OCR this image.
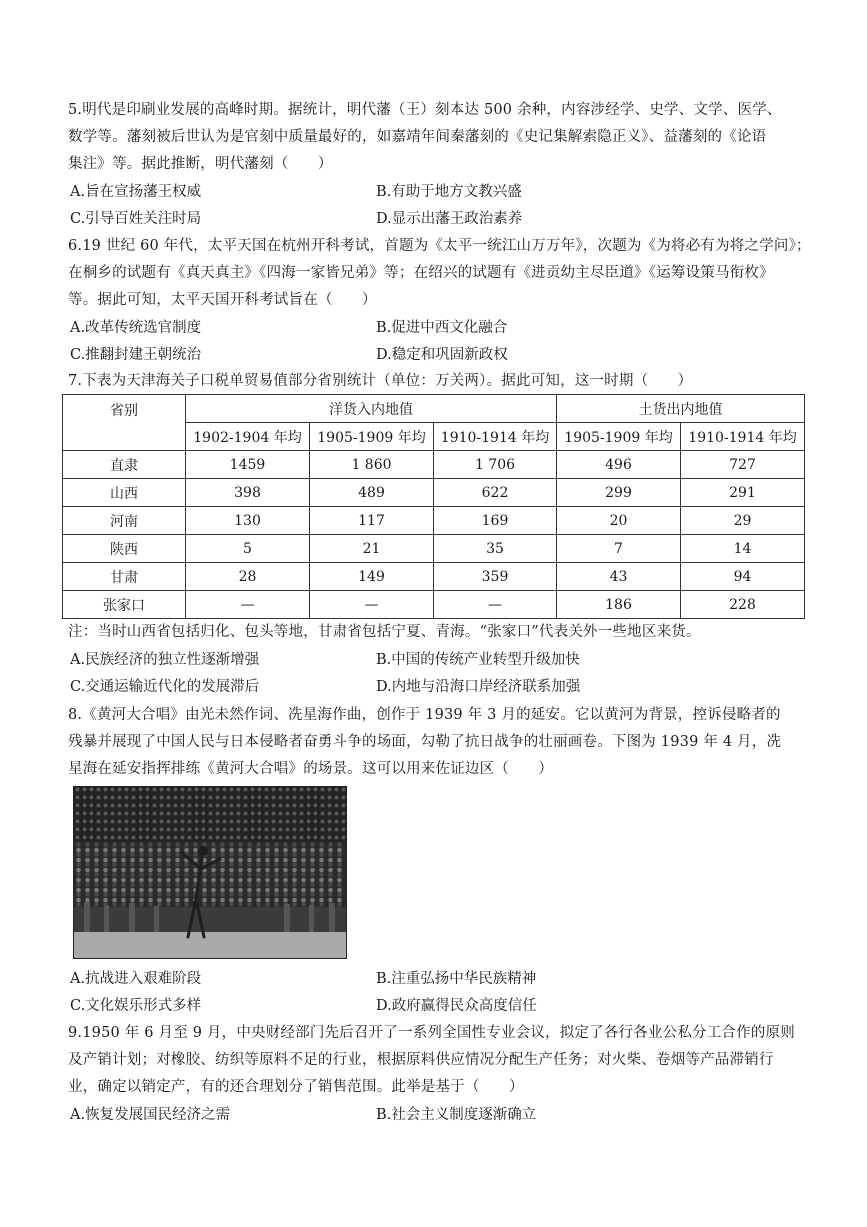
5.明代是印刷业发展的高峰时期。据统计，明代藩（王）刻本达 500 余种，内容涉经学、史学、文学、医学、
数学等。藩刻被后世认为是官刻中质量最好的，如嘉靖年间秦藩刻的《史记集解索隐正义》、益藩刻的《论语
集注》等。据此推断，明代藩刻（　　）
A.旨在宣扬藩王权威	B.有助于地方文教兴盛
C.引导百姓关注时局	D.显示出藩王政治素养
6.19 世纪 60 年代，太平天国在杭州开科考试，首题为《太平一统江山万万年》，次题为《为将必有为将之学问》；
在桐乡的试题有《真天真主》《四海一家皆兄弟》等；在绍兴的试题有《进贡幼主尽臣道》《运筹设策马衔枚》
等。据此可知，太平天国开科考试旨在（　　）
A.改革传统选官制度	B.促进中西文化融合
C.推翻封建王朝统治	D.稳定和巩固新政权
7.下表为天津海关子口税单贸易值部分省别统计（单位：万关两）。据此可知，这一时期（　　）
省别	洋货入内地值			土货出内地值	
	1902-1904 年均	1905-1909 年均	1910-1914 年均	1905-1909 年均	1910-1914 年均
直隶	1459	1 860	1 706	496	727
山西	398	489	622	299	291
河南	130	117	169	20	29
陕西	5	21	35	7	14
甘肃	28	149	359	43	94
张家口	—	—	—	186	228
注：当时山西省包括归化、包头等地，甘肃省包括宁夏、青海。“张家口”代表关外一些地区来货。
A.民族经济的独立性逐渐增强	B.中国的传统产业转型升级加快
C.交通运输近代化的发展滞后	D.内地与沿海口岸经济联系加强
8.《黄河大合唱》由光未然作词、冼星海作曲，创作于 1939 年 3 月的延安。它以黄河为背景，控诉侵略者的
残暴并展现了中国人民与日本侵略者奋勇斗争的场面，勾勒了抗日战争的壮丽画卷。下图为 1939 年 4 月，冼
星海在延安指挥排练《黄河大合唱》的场景。这可以用来佐证边区（　　）
A.抗战进入艰难阶段	B.注重弘扬中华民族精神
C.文化娱乐形式多样	D.政府赢得民众高度信任
9.1950 年 6 月至 9 月，中央财经部门先后召开了一系列全国性专业会议，拟定了各行各业公私分工合作的原则
及产销计划；对橡胶、纺织等原料不足的行业，根据原料供应情况分配生产任务；对火柴、卷烟等产品滞销行
业，确定以销定产，有的还合理划分了销售范围。此举是基于（　　）
A.恢复发展国民经济之需	B.社会主义制度逐渐确立
